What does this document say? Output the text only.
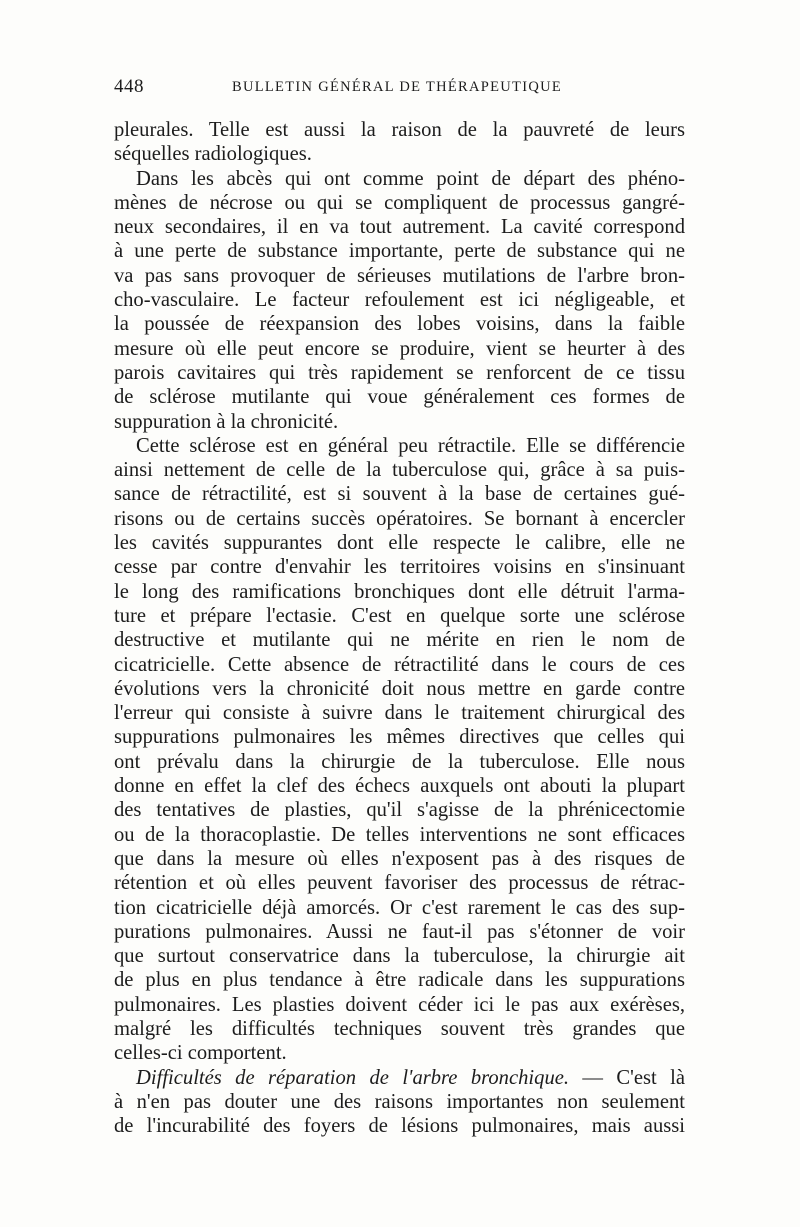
448	BULLETIN GÉNÉRAL DE THÉRAPEUTIQUE
pleurales. Telle est aussi la raison de la pauvreté de leurs
séquelles radiologiques.
Dans les abcès qui ont comme point de départ des phéno-
mènes de nécrose ou qui se compliquent de processus gangré-
neux secondaires, il en va tout autrement. La cavité correspond
à une perte de substance importante, perte de substance qui ne
va pas sans provoquer de sérieuses mutilations de l'arbre bron-
cho-vasculaire. Le facteur refoulement est ici négligeable, et
la poussée de réexpansion des lobes voisins, dans la faible
mesure où elle peut encore se produire, vient se heurter à des
parois cavitaires qui très rapidement se renforcent de ce tissu
de sclérose mutilante qui voue généralement ces formes de
suppuration à la chronicité.
Cette sclérose est en général peu rétractile. Elle se différencie
ainsi nettement de celle de la tuberculose qui, grâce à sa puis-
sance de rétractilité, est si souvent à la base de certaines gué-
risons ou de certains succès opératoires. Se bornant à encercler
les cavités suppurantes dont elle respecte le calibre, elle ne
cesse par contre d'envahir les territoires voisins en s'insinuant
le long des ramifications bronchiques dont elle détruit l'arma-
ture et prépare l'ectasie. C'est en quelque sorte une sclérose
destructive et mutilante qui ne mérite en rien le nom de
cicatricielle. Cette absence de rétractilité dans le cours de ces
évolutions vers la chronicité doit nous mettre en garde contre
l'erreur qui consiste à suivre dans le traitement chirurgical des
suppurations pulmonaires les mêmes directives que celles qui
ont prévalu dans la chirurgie de la tuberculose. Elle nous
donne en effet la clef des échecs auxquels ont abouti la plupart
des tentatives de plasties, qu'il s'agisse de la phrénicectomie
ou de la thoracoplastie. De telles interventions ne sont efficaces
que dans la mesure où elles n'exposent pas à des risques de
rétention et où elles peuvent favoriser des processus de rétrac-
tion cicatricielle déjà amorcés. Or c'est rarement le cas des sup-
purations pulmonaires. Aussi ne faut-il pas s'étonner de voir
que surtout conservatrice dans la tuberculose, la chirurgie ait
de plus en plus tendance à être radicale dans les suppurations
pulmonaires. Les plasties doivent céder ici le pas aux exérèses,
malgré les difficultés techniques souvent très grandes que
celles-ci comportent.
Difficultés de réparation de l'arbre bronchique. — C'est là
à n'en pas douter une des raisons importantes non seulement
de l'incurabilité des foyers de lésions pulmonaires, mais aussi
